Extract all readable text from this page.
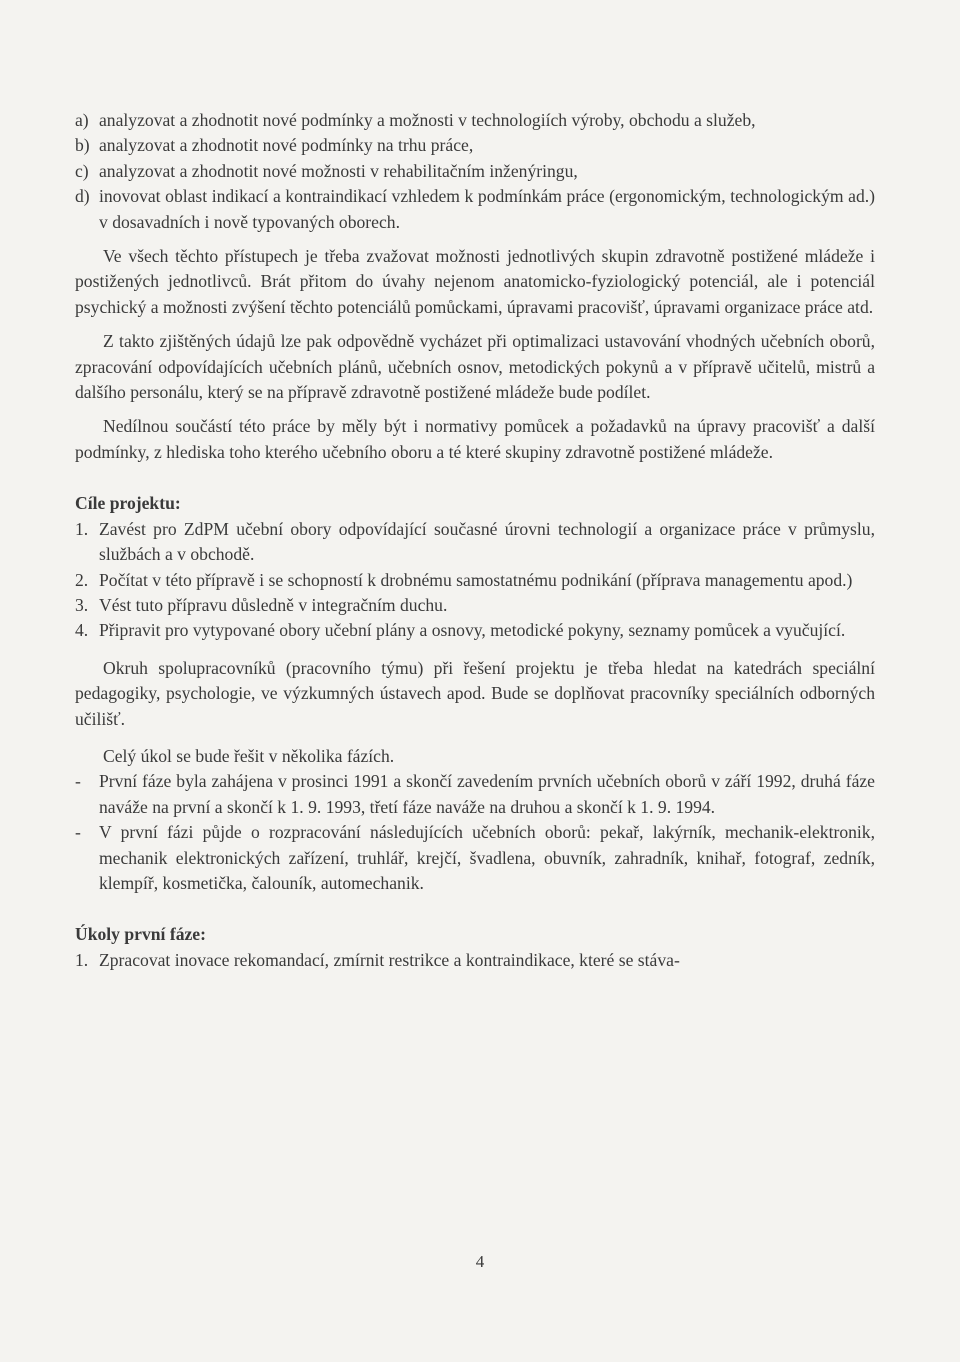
a) analyzovat a zhodnotit nové podmínky a možnosti v technologiích výroby, obchodu a služeb,
b) analyzovat a zhodnotit nové podmínky na trhu práce,
c) analyzovat a zhodnotit nové možnosti v rehabilitačním inženýringu,
d) inovovat oblast indikací a kontraindikací vzhledem k podmínkám práce (ergonomickým, technologickým ad.) v dosavadních i nově typovaných oborech.

Ve všech těchto přístupech je třeba zvažovat možnosti jednotlivých skupin zdravotně postižené mládeže i postižených jednotlivců. Brát přitom do úvahy nejenom anatomicko-fyziologický potenciál, ale i potenciál psychický a možnosti zvýšení těchto potenciálů pomůckami, úpravami pracovišť, úpravami organizace práce atd.

Z takto zjištěných údajů lze pak odpovědně vycházet při optimalizaci ustavování vhodných učebních oborů, zpracování odpovídajících učebních plánů, učebních osnov, metodických pokynů a v přípravě učitelů, mistrů a dalšího personálu, který se na přípravě zdravotně postižené mládeže bude podílet.

Nedílnou součástí této práce by měly být i normativy pomůcek a požadavků na úpravy pracovišť a další podmínky, z hlediska toho kterého učebního oboru a té které skupiny zdravotně postižené mládeže.

Cíle projektu:

1. Zavést pro ZdPM učební obory odpovídající současné úrovni technologií a organizace práce v průmyslu, službách a v obchodě.
2. Počítat v této přípravě i se schopností k drobnému samostatnému podnikání (příprava managementu apod.)
3. Vést tuto přípravu důsledně v integračním duchu.
4. Připravit pro vytypované obory učební plány a osnovy, metodické pokyny, seznamy pomůcek a vyučující.

Okruh spolupracovníků (pracovního týmu) při řešení projektu je třeba hledat na katedrách speciální pedagogiky, psychologie, ve výzkumných ústavech apod. Bude se doplňovat pracovníky speciálních odborných učilišť.

Celý úkol se bude řešit v několika fázích.

-	První fáze byla zahájena v prosinci 1991 a skončí zavedením prvních učebních oborů v září 1992, druhá fáze naváže na první a skončí k 1. 9. 1993, třetí fáze naváže na druhou a skončí k 1. 9. 1994.
-	V první fázi půjde o rozpracování následujících učebních oborů: pekař, lakýrník, mechanik-elektronik, mechanik elektronických zařízení, truhlář, krejčí, švadlena, obuvník, zahradník, knihař, fotograf, zedník, klempíř, kosmetička, čalouník, automechanik.

Úkoly první fáze:

1. Zpracovat inovace rekomandací, zmírnit restrikce a kontraindikace, které se stáva-
4
